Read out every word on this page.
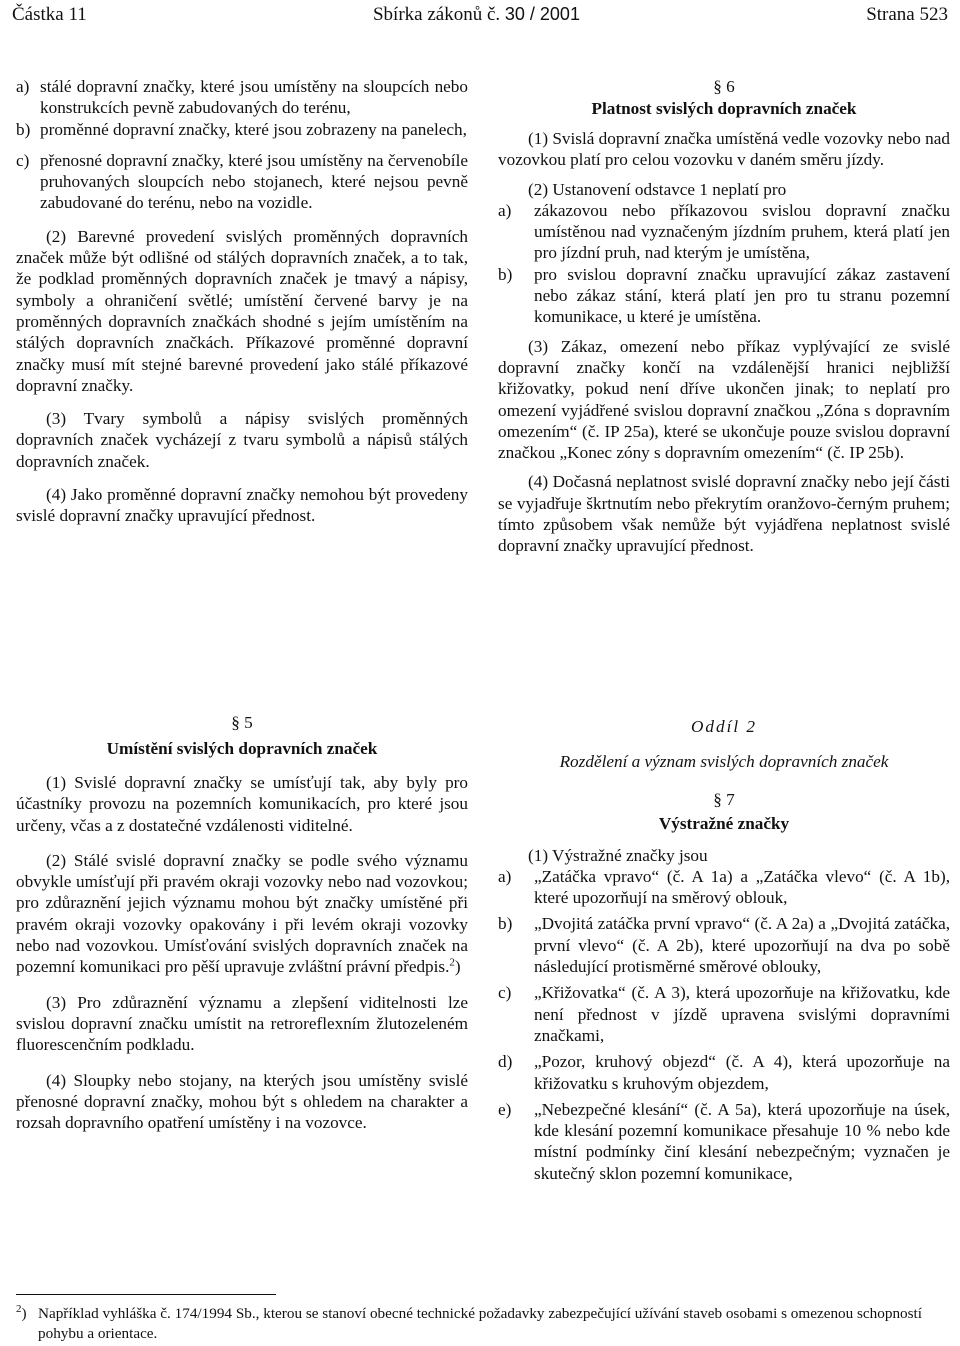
Částka 11	Sbírka zákonů č. 30 / 2001	Strana 523
a) stálé dopravní značky, které jsou umístěny na sloupcích nebo konstrukcích pevně zabudovaných do terénu,
b) proměnné dopravní značky, které jsou zobrazeny na panelech,
c) přenosné dopravní značky, které jsou umístěny na červenobíle pruhovaných sloupcích nebo stojanech, které nejsou pevně zabudované do terénu, nebo na vozidle.

(2) Barevné provedení svislých proměnných dopravních značek může být odlišné od stálých dopravních značek, a to tak, že podklad proměnných dopravních značek je tmavý a nápisy, symboly a ohraničení světlé; umístění červené barvy je na proměnných dopravních značkách shodné s jejím umístěním na stálých dopravních značkách. Příkazové proměnné dopravní značky musí mít stejné barevné provedení jako stálé příkazové dopravní značky.

(3) Tvary symbolů a nápisy svislých proměnných dopravních značek vycházejí z tvaru symbolů a nápisů stálých dopravních značek.

(4) Jako proměnné dopravní značky nemohou být provedeny svislé dopravní značky upravující přednost.

§ 6
Platnost svislých dopravních značek

(1) Svislá dopravní značka umístěná vedle vozovky nebo nad vozovkou platí pro celou vozovku v daném směru jízdy.

(2) Ustanovení odstavce 1 neplatí pro

a)	zákazovou nebo příkazovou svislou dopravní značku umístěnou nad vyznačeným jízdním pruhem, která platí jen pro jízdní pruh, nad kterým je umístěna,
b)	pro svislou dopravní značku upravující zákaz zastavení nebo zákaz stání, která platí jen pro tu stranu pozemní komunikace, u které je umístěna.

(3) Zákaz, omezení nebo příkaz vyplývající ze svislé dopravní značky končí na vzdálenější hranici nejbližší křižovatky, pokud není dříve ukončen jinak; to neplatí pro omezení vyjádřené svislou dopravní značkou „Zóna s dopravním omezením“ (č. IP 25a), které se ukončuje pouze svislou dopravní značkou „Konec zóny s dopravním omezením“ (č. IP 25b).

(4) Dočasná neplatnost svislé dopravní značky nebo její části se vyjadřuje škrtnutím nebo překrytím oranžovo-černým pruhem; tímto způsobem však nemůže být vyjádřena neplatnost svislé dopravní značky upravující přednost.

§ 5
Umístění svislých dopravních značek

(1) Svislé dopravní značky se umísťují tak, aby byly pro účastníky provozu na pozemních komunikacích, pro které jsou určeny, včas a z dostatečné vzdálenosti viditelné.

(2) Stálé svislé dopravní značky se podle svého významu obvykle umísťují při pravém okraji vozovky nebo nad vozovkou; pro zdůraznění jejich významu mohou být značky umístěné při pravém okraji vozovky opakovány i při levém okraji vozovky nebo nad vozovkou. Umísťování svislých dopravních značek na pozemní komunikaci pro pěší upravuje zvláštní právní předpis.$^2$)

(3) Pro zdůraznění významu a zlepšení viditelnosti lze svislou dopravní značku umístit na retroreflexním žlutozeleném fluorescenčním podkladu.

(4) Sloupky nebo stojany, na kterých jsou umístěny svislé přenosné dopravní značky, mohou být s ohledem na charakter a rozsah dopravního opatření umístěny i na vozovce.

Oddíl 2
Rozdělení a význam svislých dopravních značek
§ 7
Výstražné značky

(1) Výstražné značky jsou

a)	„Zatáčka vpravo“ (č. A 1a) a „Zatáčka vlevo“ (č. A 1b), které upozorňují na směrový oblouk,
b)	„Dvojitá zatáčka první vpravo“ (č. A 2a) a „Dvojitá zatáčka, první vlevo“ (č. A 2b), které upozorňují na dva po sobě následující protisměrné směrové oblouky,
c)	„Křižovatka“ (č. A 3), která upozorňuje na křižovatku, kde není přednost v jízdě upravena svislými dopravními značkami,
d)	„Pozor, kruhový objezd“ (č. A 4), která upozorňuje na křižovatku s kruhovým objezdem,
e)	„Nebezpečné klesání“ (č. A 5a), která upozorňuje na úsek, kde klesání pozemní komunikace přesahuje 10 % nebo kde místní podmínky činí klesání nebezpečným; vyznačen je skutečný sklon pozemní komunikace,
$^2$) Například vyhláška č. 174/1994 Sb., kterou se stanoví obecné technické požadavky zabezpečující užívání staveb osobami s omezenou schopností pohybu a orientace.
